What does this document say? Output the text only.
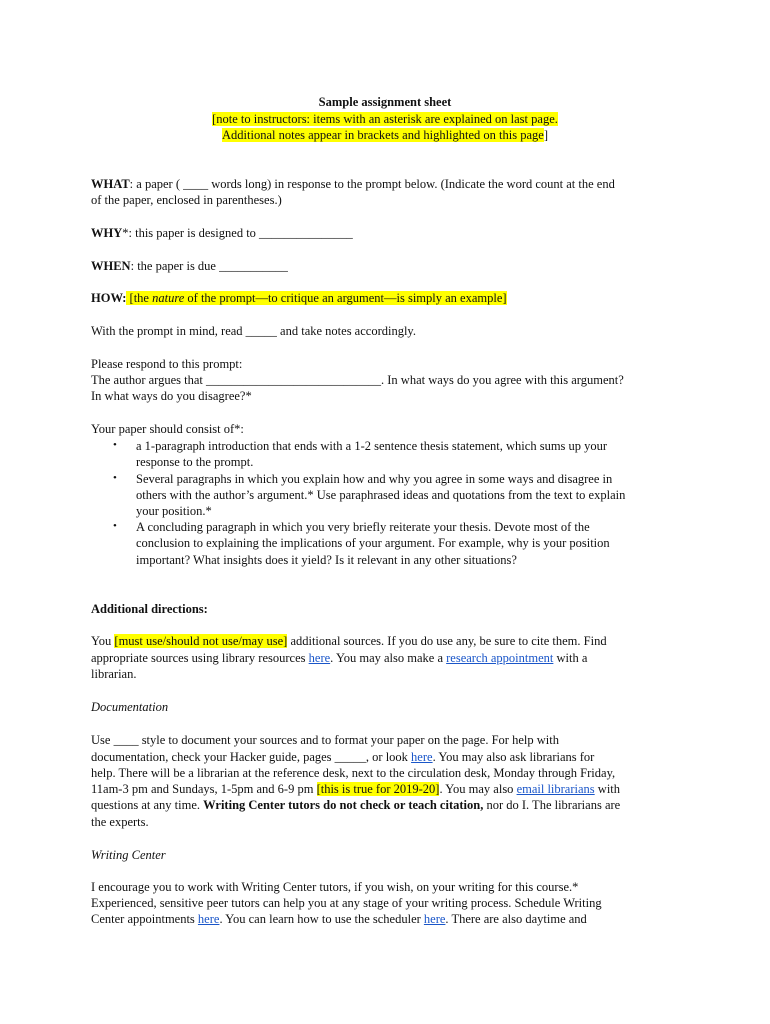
Sample assignment sheet
[note to instructors: items with an asterisk are explained on last page.
Additional notes appear in brackets and highlighted on this page]
WHAT: a paper ( ____ words long) in response to the prompt below. (Indicate the word count at the end
of the paper, enclosed in parentheses.)
WHY*: this paper is designed to _______________
WHEN: the paper is due ___________
HOW: [the nature of the prompt—to critique an argument—is simply an example]
With the prompt in mind, read _____ and take notes accordingly.
Please respond to this prompt:
The author argues that ____________________________. In what ways do you agree with this argument?
In what ways do you disagree?*
Your paper should consist of*:
• a 1-paragraph introduction that ends with a 1-2 sentence thesis statement, which sums up your
response to the prompt.
• Several paragraphs in which you explain how and why you agree in some ways and disagree in
others with the author’s argument.* Use paraphrased ideas and quotations from the text to explain
your position.*
• A concluding paragraph in which you very briefly reiterate your thesis. Devote most of the
conclusion to explaining the implications of your argument. For example, why is your position
important? What insights does it yield? Is it relevant in any other situations?
Additional directions:
You [must use/should not use/may use] additional sources. If you do use any, be sure to cite them. Find
appropriate sources using library resources here. You may also make a research appointment with a
librarian.
Documentation
Use ____ style to document your sources and to format your paper on the page. For help with
documentation, check your Hacker guide, pages _____, or look here. You may also ask librarians for
help. There will be a librarian at the reference desk, next to the circulation desk, Monday through Friday,
11am-3 pm and Sundays, 1-5pm and 6-9 pm [this is true for 2019-20]. You may also email librarians with
questions at any time. Writing Center tutors do not check or teach citation, nor do I. The librarians are
the experts.
Writing Center
I encourage you to work with Writing Center tutors, if you wish, on your writing for this course.*
Experienced, sensitive peer tutors can help you at any stage of your writing process. Schedule Writing
Center appointments here. You can learn how to use the scheduler here. There are also daytime and
